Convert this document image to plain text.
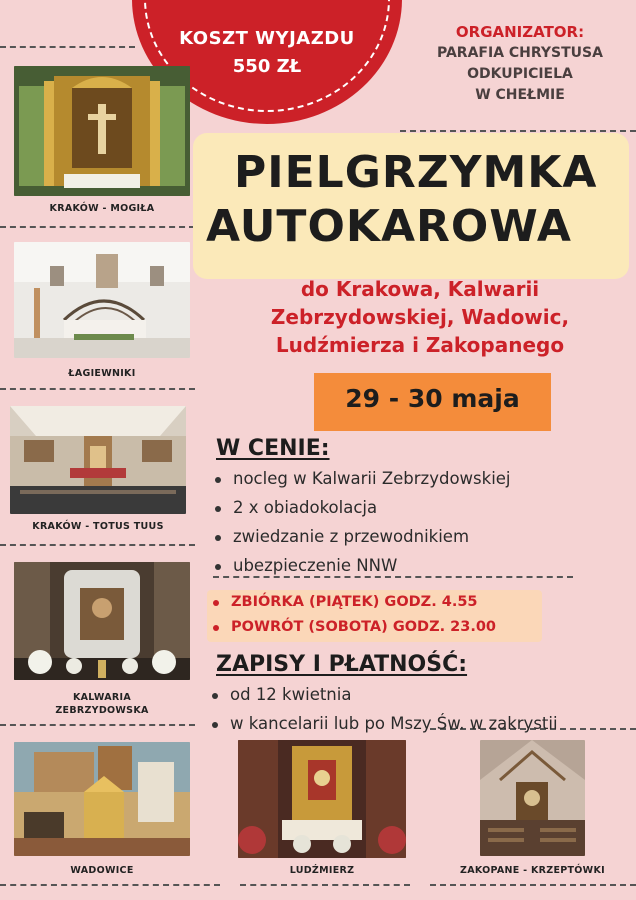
KOSZT WYJAZDU
550 ZŁ
ORGANIZATOR:
PARAFIA CHRYSTUSA
ODKUPICIELA
W CHEŁMIE
KRAKÓW - MOGIŁA
ŁAGIEWNIKI
KRAKÓW - TOTUS TUUS
KALWARIA
ZEBRZYDOWSKA
WADOWICE	LUDŹMIERZ	ZAKOPANE - KRZEPTÓWKI
PIELGRZYMKA
AUTOKAROWA
do Krakowa, Kalwarii
Zebrzydowskiej, Wadowic,
Ludźmierza i Zakopanego
29 - 30 maja
W CENIE:
nocleg w Kalwarii Zebrzydowskiej
2 x obiadokolacja
zwiedzanie z przewodnikiem
ubezpieczenie NNW
ZBIÓRKA (PIĄTEK) GODZ. 4.55
POWRÓT (SOBOTA) GODZ. 23.00
ZAPISY I PŁATNOŚĆ:
od 12 kwietnia
w kancelarii lub po Mszy Św. w zakrystii
